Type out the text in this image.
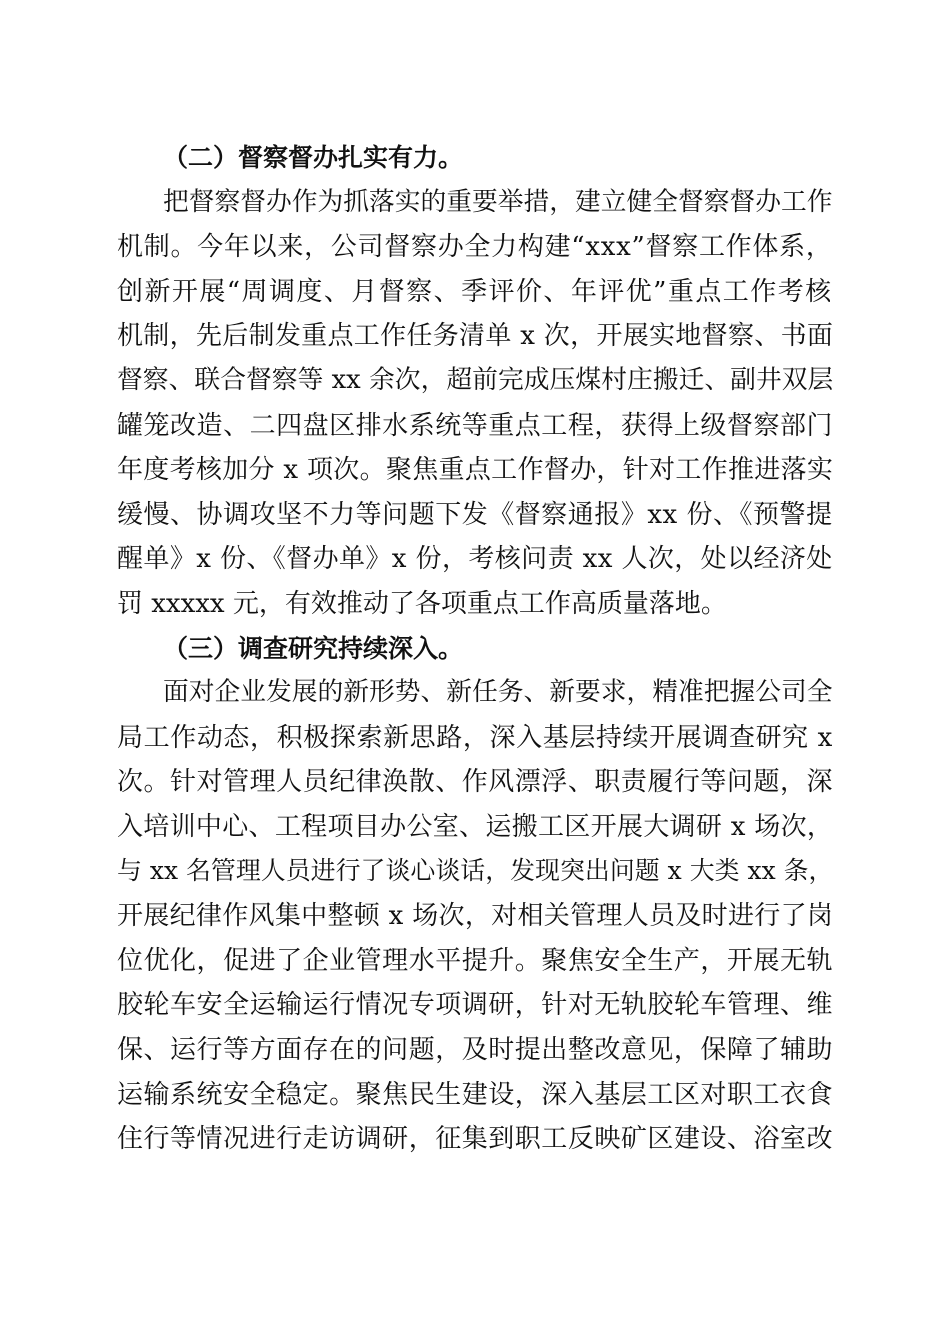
（二）督察督办扎实有力。

把督察督办作为抓落实的重要举措，建立健全督察督办工作

机制。今年以来，公司督察办全力构建“xxx”督察工作体系，

创新开展“周调度、月督察、季评价、年评优”重点工作考核

机制，先后制发重点工作任务清单 x 次，开展实地督察、书面

督察、联合督察等 xx 余次，超前完成压煤村庄搬迁、副井双层

罐笼改造、二四盘区排水系统等重点工程，获得上级督察部门

年度考核加分 x 项次。聚焦重点工作督办，针对工作推进落实

缓慢、协调攻坚不力等问题下发《督察通报》xx 份、《预警提

醒单》x 份、《督办单》x 份，考核问责 xx 人次，处以经济处

罚 xxxxx 元，有效推动了各项重点工作高质量落地。

（三）调查研究持续深入。

面对企业发展的新形势、新任务、新要求，精准把握公司全

局工作动态，积极探索新思路，深入基层持续开展调查研究 x

次。针对管理人员纪律涣散、作风漂浮、职责履行等问题，深

入培训中心、工程项目办公室、运搬工区开展大调研 x 场次，

与 xx 名管理人员进行了谈心谈话，发现突出问题 x 大类 xx 条，

开展纪律作风集中整顿 x 场次，对相关管理人员及时进行了岗

位优化，促进了企业管理水平提升。聚焦安全生产，开展无轨

胶轮车安全运输运行情况专项调研，针对无轨胶轮车管理、维

保、运行等方面存在的问题，及时提出整改意见，保障了辅助

运输系统安全稳定。聚焦民生建设，深入基层工区对职工衣食

住行等情况进行走访调研，征集到职工反映矿区建设、浴室改
